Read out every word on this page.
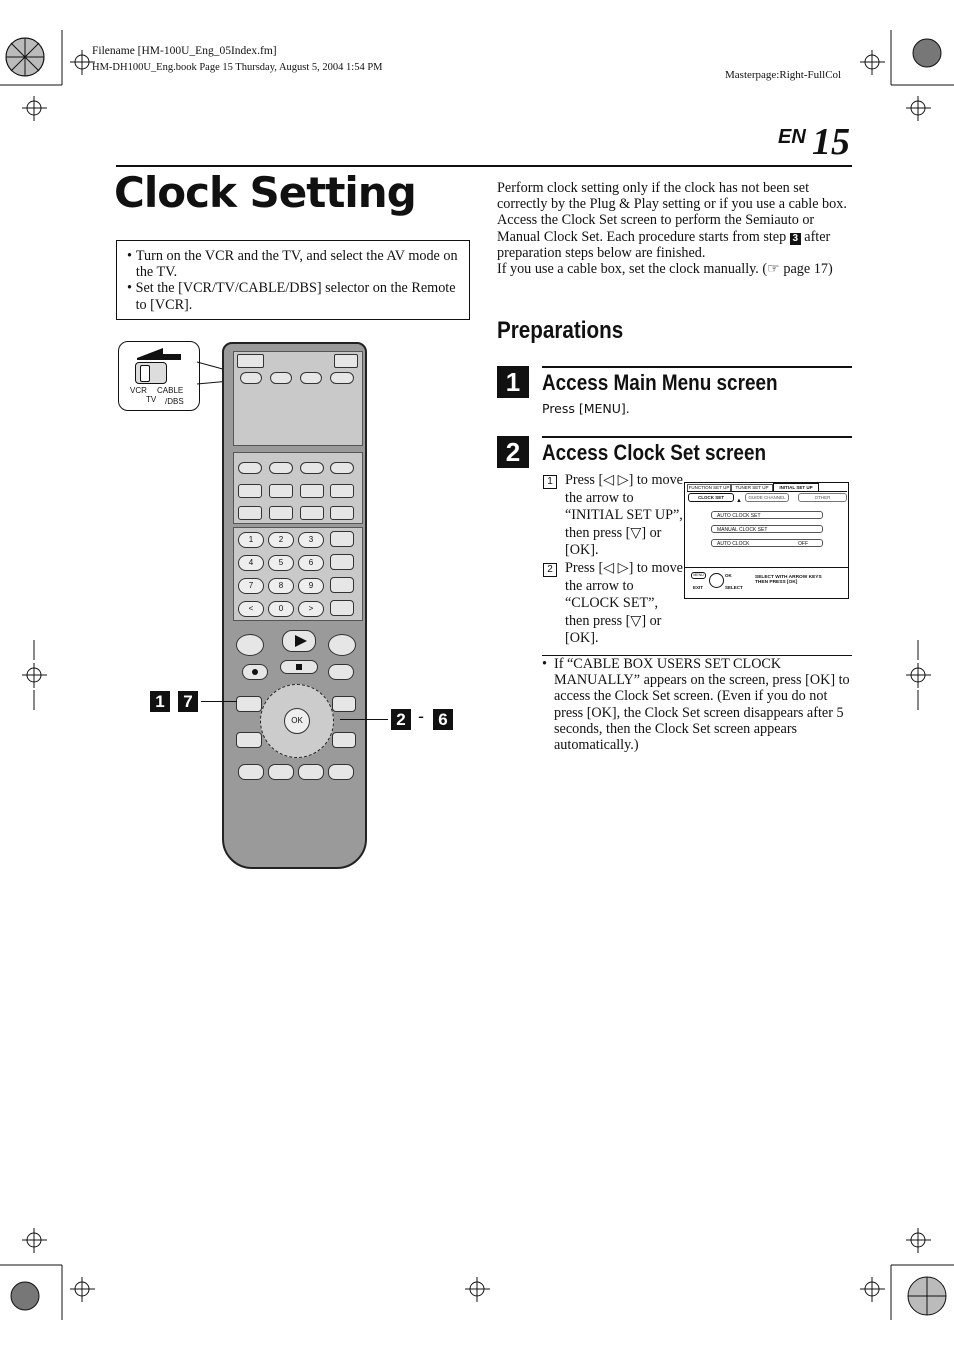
Filename [HM-100U_Eng_05Index.fm]
HM-DH100U_Eng.book Page 15 Thursday, August 5, 2004 1:54 PM
Masterpage:Right-FullCol
EN 15
Clock Setting
• Turn on the VCR and the TV, and select the AV mode on the TV.
• Set the [VCR/TV/CABLE/DBS] selector on the Remote to [VCR].
Perform clock setting only if the clock has not been set correctly by the Plug & Play setting or if you use a cable box.
Access the Clock Set screen to perform the Semiauto or Manual Clock Set. Each procedure starts from step 3 after preparation steps below are finished.
If you use a cable box, set the clock manually. (☞ page 17)
Preparations
1 Access Main Menu screen
Press [MENU].
2 Access Clock Set screen
1 Press [◁ ▷] to move the arrow to “INITIAL SET UP”, then press [▽] or [OK].
2 Press [◁ ▷] to move the arrow to “CLOCK SET”, then press [▽] or [OK].
FUNCTION SET UP	TUNER SET UP	INITIAL SET UP
CLOCK SET	GUIDE CHANNEL	OTHER
▲
AUTO CLOCK SET
MANUAL CLOCK SET
AUTO CLOCK	OFF
MENU
EXIT
OK
SELECT
SELECT WITH ARROW KEYS
THEN PRESS [OK]
• If “CABLE BOX USERS SET CLOCK MANUALLY” appears on the screen, press [OK] to access the Clock Set screen. (Even if you do not press [OK], the Clock Set screen disappears after 5 seconds, then the Clock Set screen appears automatically.)
VCR CABLE
TV /DBS
1	2	3
4	5	6
7	8	9
<	0	>
OK
1	7
2 - 6
